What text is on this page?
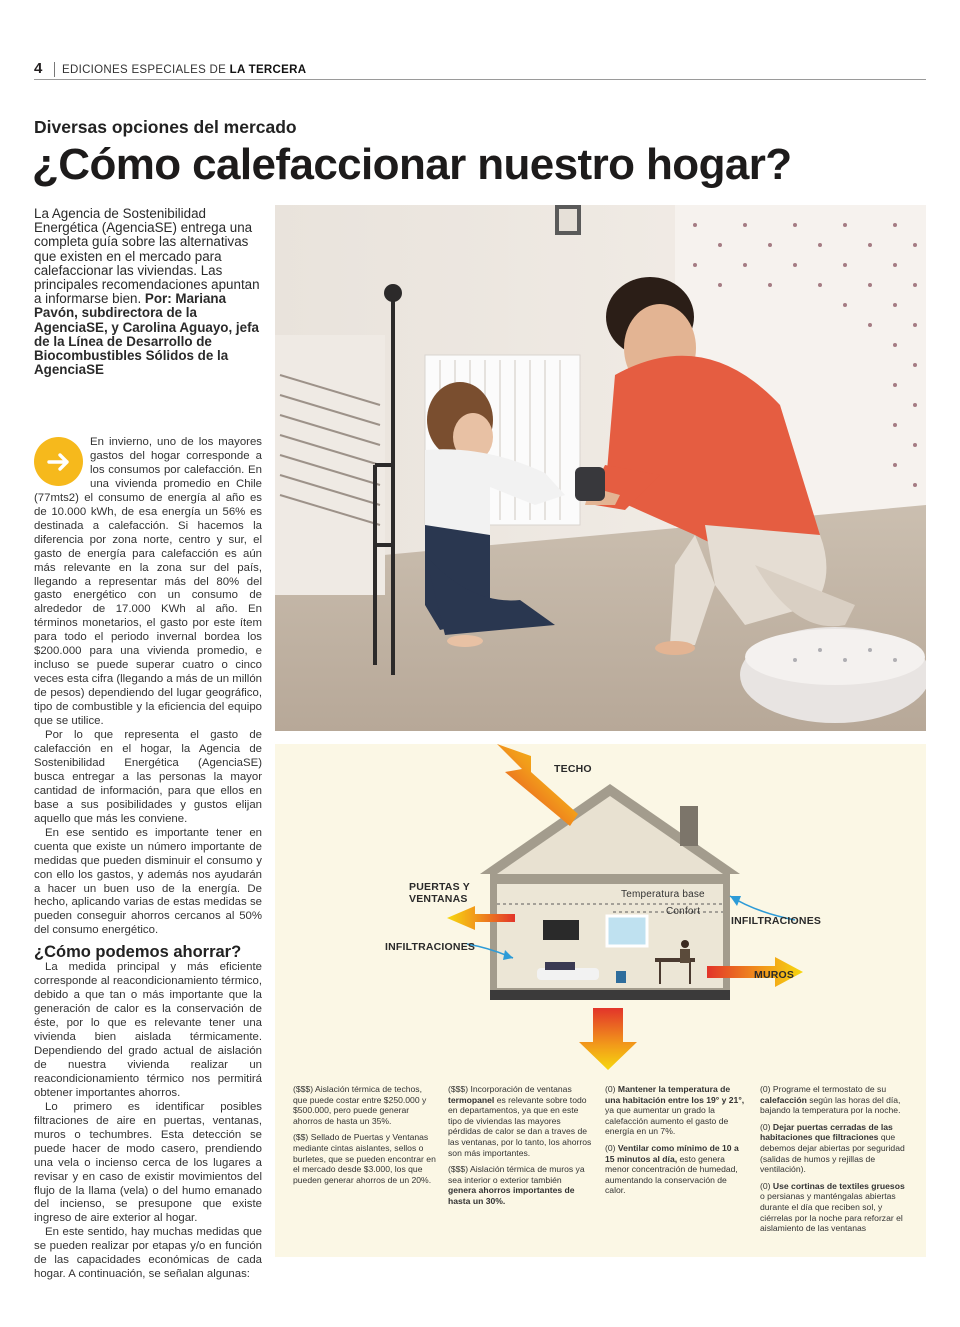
4 EDICIONES ESPECIALES DE LA TERCERA
Diversas opciones del mercado
¿Cómo calefaccionar nuestro hogar?
La Agencia de Sostenibilidad Energética (AgenciaSE) entrega una completa guía sobre las alternativas que existen en el mercado para calefaccionar las viviendas. Las principales recomendaciones apuntan a informarse bien. Por: Mariana Pavón, subdirectora de la AgenciaSE, y Carolina Aguayo, jefa de la Línea de Desarrollo de Biocombustibles Sólidos de la AgenciaSE

En invierno, uno de los mayores gastos del hogar corresponde a los consumos por calefacción. En una vivienda promedio en Chile (77mts2) el consumo de energía al año es de 10.000 kWh, de esa energía un 56% es destinada a calefacción. Si hacemos la diferencia por zona norte, centro y sur, el gasto de energía para calefacción es aún más relevante en la zona sur del país, llegando a representar más del 80% del gasto energético con un consumo de alrededor de 17.000 KWh al año. En términos monetarios, el gasto por este ítem para todo el periodo invernal bordea los $200.000 para una vivienda promedio, e incluso se puede superar cuatro o cinco veces esta cifra (llegando a más de un millón de pesos) dependiendo del lugar geográfico, tipo de combustible y la eficiencia del equipo que se utilice.

Por lo que representa el gasto de calefacción en el hogar, la Agencia de Sostenibilidad Energética (AgenciaSE) busca entregar a las personas la mayor cantidad de información, para que ellos en base a sus posibilidades y gustos elijan aquello que más les conviene.

En ese sentido es importante tener en cuenta que existe un número importante de medidas que pueden disminuir el consumo y con ello los gastos, y además nos ayudarán a hacer un buen uso de la energía. De hecho, aplicando varias de estas medidas se pueden conseguir ahorros cercanos al 50% del consumo energético.

¿Cómo podemos ahorrar?

La medida principal y más eficiente corresponde al reacondicionamiento térmico, debido a que tan o más importante que la generación de calor es la conservación de éste, por lo que es relevante tener una vivienda bien aislada térmicamente. Dependiendo del grado actual de aislación de nuestra vivienda realizar un reacondicionamiento térmico nos permitirá obtener importantes ahorros.

Lo primero es identificar posibles filtraciones de aire en puertas, ventanas, muros o techumbres. Esta detección se puede hacer de modo casero, prendiendo una vela o incienso cerca de los lugares a revisar y en caso de existir movimientos del flujo de la llama (vela) o del humo emanado del incienso, se presupone que existe ingreso de aire exterior al hogar.

En este sentido, hay muchas medidas que se pueden realizar por etapas y/o en función de las capacidades económicas de cada hogar. A continuación, se señalan algunas:

TECHO
PUERTAS Y
VENTANAS
INFILTRACIONES
INFILTRACIONES
MUROS
Temperatura base
Confort

($$$) Aislación térmica de techos, que puede costar entre $250.000 y $500.000, pero puede generar ahorros de hasta un 35%.

($$) Sellado de Puertas y Ventanas mediante cintas aislantes, sellos o burletes, que se pueden encontrar en el mercado desde $3.000, los que pueden generar ahorros de un 20%.

($$$) Incorporación de ventanas termopanel es relevante sobre todo en departamentos, ya que en este tipo de viviendas las mayores pérdidas de calor se dan a traves de las ventanas, por lo tanto, los ahorros son más importantes.

($$$) Aislación térmica de muros ya sea interior o exterior también genera ahorros importantes de hasta un 30%.

(0) Mantener la temperatura de una habitación entre los 19° y 21°, ya que aumentar un grado la calefacción aumento el gasto de energía en un 7%.

(0) Ventilar como mínimo de 10 a 15 minutos al día, esto genera menor concentración de humedad, aumentando la conservación de calor.

(0) Programe el termostato de su calefacción según las horas del día, bajando la temperatura por la noche.

(0) Dejar puertas cerradas de las habitaciones que filtraciones que debemos dejar abiertas por seguridad (salidas de humos y rejillas de ventilación).

(0) Use cortinas de textiles gruesos o persianas y manténgalas abiertas durante el día que reciben sol, y ciérrelas por la noche para reforzar el aislamiento de las ventanas
